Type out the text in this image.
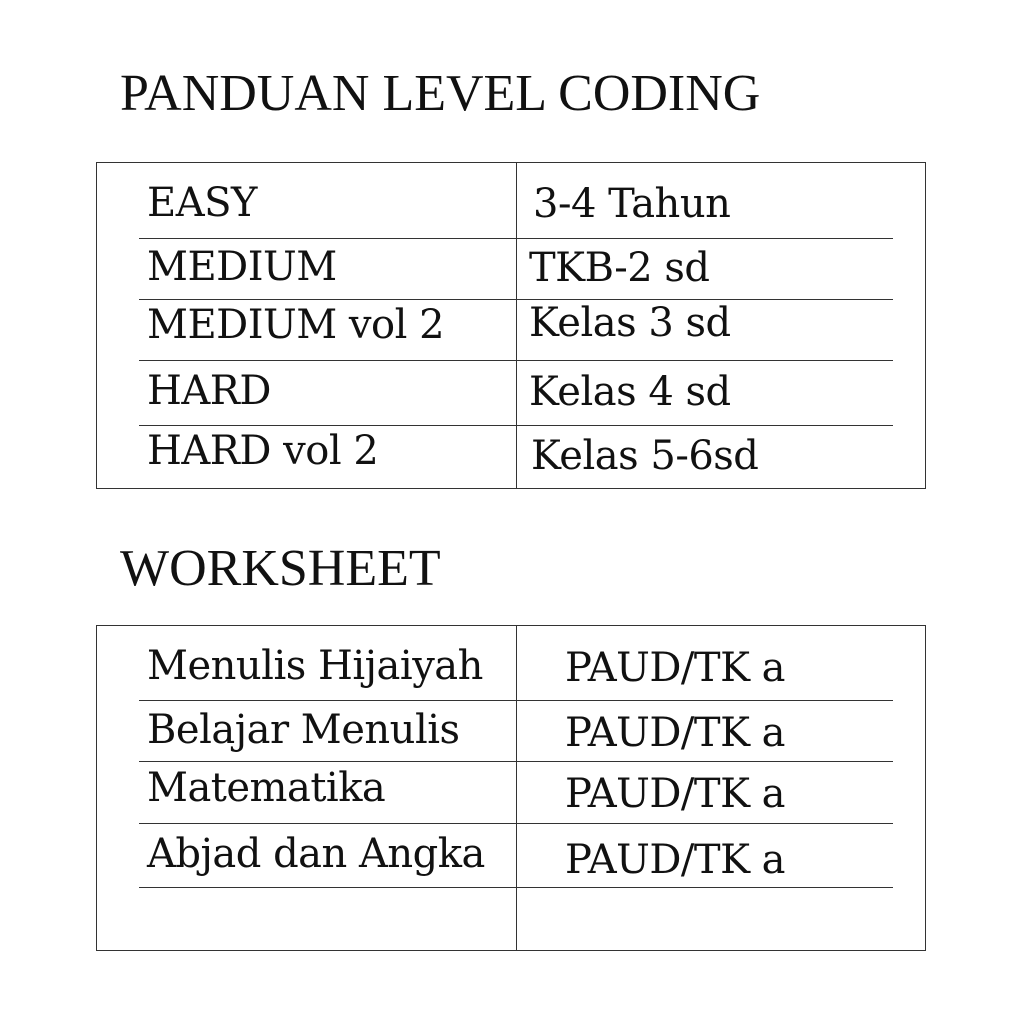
PANDUAN LEVEL CODING
EASY	3-4 Tahun
MEDIUM	TKB-2 sd
MEDIUM vol 2 Kelas 3 sd
HARD	Kelas 4 sd
HARD vol 2	Kelas 5-6sd
WORKSHEET
Menulis Hijaiyah PAUD/TK a
Belajar Menulis	PAUD/TK a
Matematika	PAUD/TK a
Abjad dan Angka PAUD/TK a
